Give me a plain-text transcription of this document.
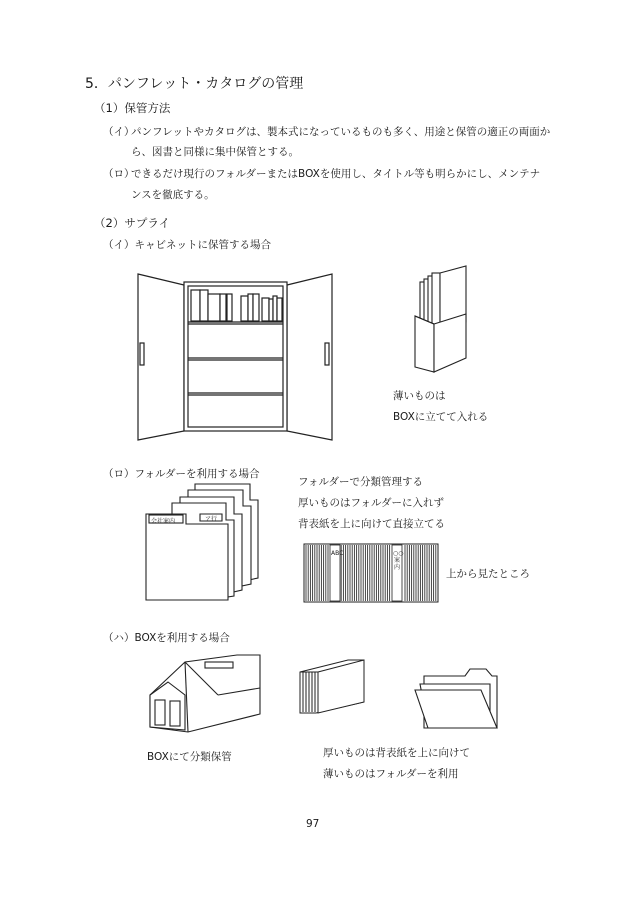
5．パンフレット・カタログの管理
（1）保管方法
（イ）
パンフレットやカタログは、製本式になっているものも多く、用途と保管の適正の両面か
ら、図書と同様に集中保管とする。
（ロ）
できるだけ現行のフォルダーまたはBOXを使用し、タイトル等も明らかにし、メンテナ
ンスを徹底する。
（2）サプライ
（イ）キャビネットに保管する場合
薄いものは
BOXに立てて入れる
（ロ）フォルダーを利用する場合
会社案内	ア行
フォルダーで分類管理する
厚いものはフォルダーに入れず
背表紙を上に向けて直接立てる
ABC	○○案内
上から見たところ
（ハ）BOXを利用する場合
BOXにて分類保管	厚いものは背表紙を上に向けて
薄いものはフォルダーを利用
97
